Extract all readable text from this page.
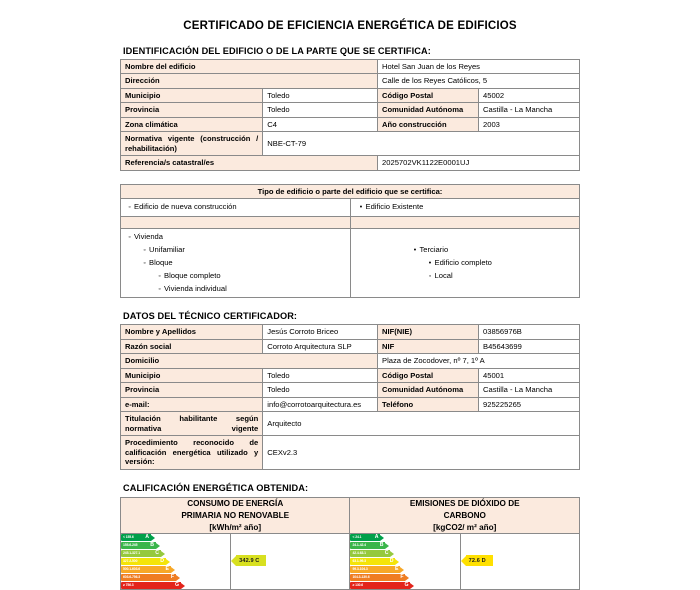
CERTIFICADO DE EFICIENCIA ENERGÉTICA DE EDIFICIOS
IDENTIFICACIÓN DEL EDIFICIO O DE LA PARTE QUE SE CERTIFICA:
Nombre del edificio		Hotel San Juan de los Reyes	
Dirección		Calle de los Reyes Católicos, 5	
Municipio	Toledo	Código Postal	45002
Provincia	Toledo	Comunidad Autónoma	Castilla - La Mancha
Zona climática	C4	Año construcción	2003
Normativa vigente (construcción / rehabilitación)	NBE-CT-79		
Referencia/s catastral/es		2025702VK1122E0001UJ	
Tipo de edificio o parte del edificio que se certifica:	

◦ Edificio de nueva construcción	• Edificio Existente

◦ Vivienda
◦ Unifamiliar
◦ Bloque
◦ Bloque completo
◦ Vivienda individual

• Terciario
• Edificio completo
◦ Local
DATOS DEL TÉCNICO CERTIFICADOR:
Nombre y Apellidos	Jesús Corroto Briceo	NIF(NIE)	03856976B
Razón social	Corroto Arquitectura SLP	NIF	B45643699
Domicilio		Plaza de Zocodover, nº 7, 1º A	
Municipio	Toledo	Código Postal	45001
Provincia	Toledo	Comunidad Autónoma	Castilla - La Mancha
e-mail:	info@corrotoarquitectura.es	Teléfono	925225265
Titulación habilitante según normativa vigente	Arquitecto		
Procedimiento reconocido de calificación energética utilizado y versión:	CEXv2.3		
CALIFICACIÓN ENERGÉTICA OBTENIDA:
CONSUMO DE ENERGÍA
PRIMARIA NO RENOVABLE
[kWh/m² año]

EMISIONES DE DIÓXIDO DE
CARBONO
[kgCO2/ m² año]

< 155.6	A
155.6-245	B
245.1-327.1	C
327.2-500	D
500.1-603.6	E
603.6-756.3	F
≥ 756.3	G

342.9 C

< 24.1	A
24.1-42.4	B
42.4-63.1	C
63.1-99.3	D
99.3-104.3	E
104.3-130.6	F
≥ 130.6	G

72.6 D
